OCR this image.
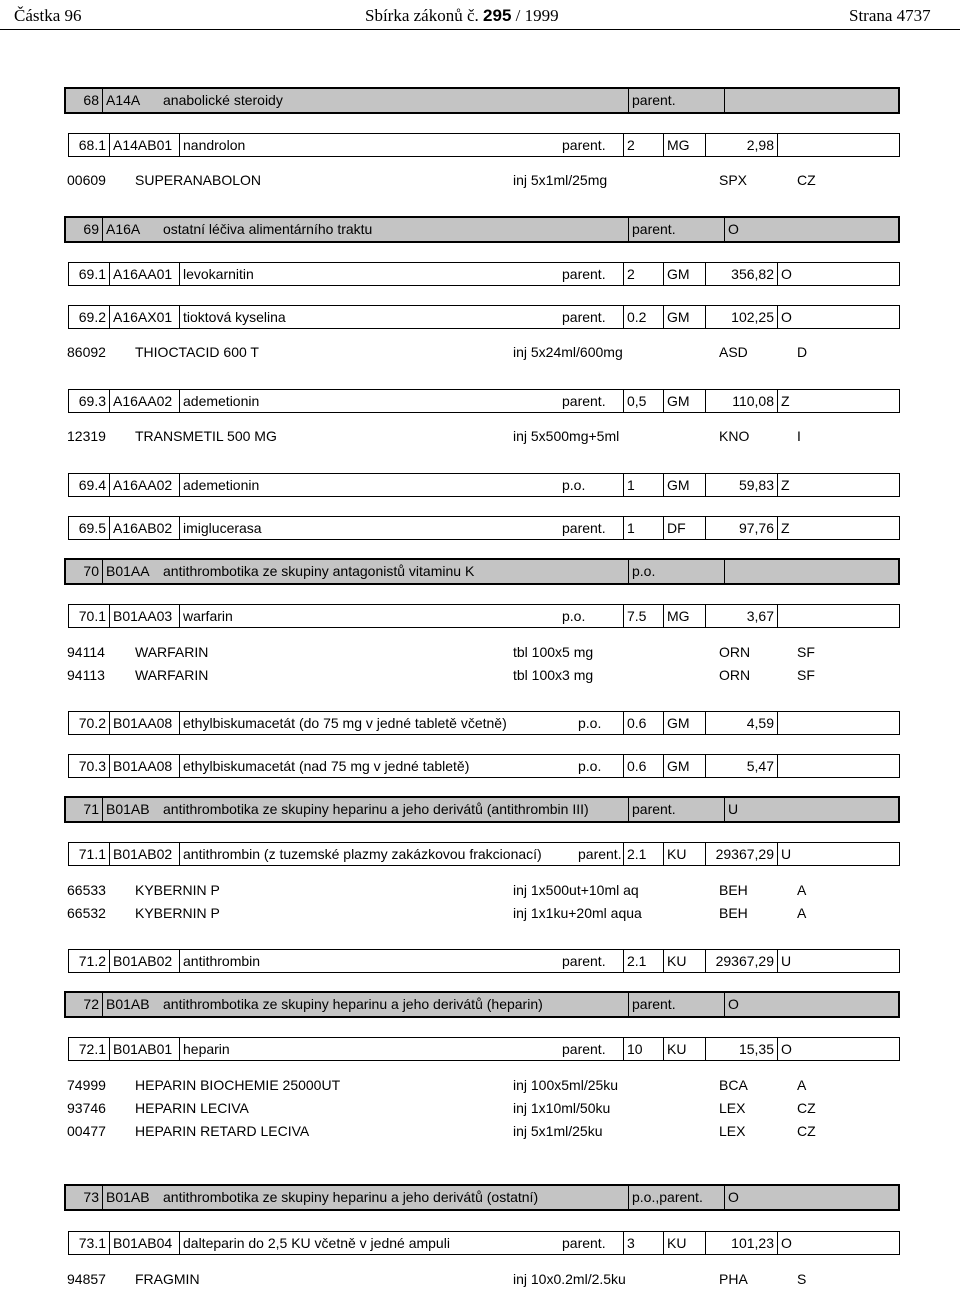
Částka 96	Sbírka zákonů č. 295 / 1999	Strana 4737
68 A14A	anabolické steroidy	parent.
68.1 A14AB01 nandrolon	parent.	2	MG	2,98
00609 SUPERANABOLON	inj 5x1ml/25mg	SPX	CZ
69 A16A	ostatní léčiva alimentárního traktu	parent.	O
69.1 A16AA01 levokarnitin	parent.	2	GM	356,82 O
69.2 A16AX01 tioktová kyselina	parent.	0.2	GM	102,25 O
86092 THIOCTACID 600 T	inj 5x24ml/600mg	ASD	D
69.3 A16AA02 ademetionin	parent.	0,5	GM	110,08 Z
12319 TRANSMETIL 500 MG	inj 5x500mg+5ml	KNO	I
69.4 A16AA02 ademetionin	p.o.	1	GM	59,83 Z
69.5 A16AB02 imiglucerasa	parent.	1	DF	97,76 Z
70 B01AA antithrombotika ze skupiny antagonistů vitaminu K	p.o.
70.1 B01AA03 warfarin	p.o.	7.5	MG	3,67
94114 WARFARIN	tbl 100x5 mg	ORN	SF
94113 WARFARIN	tbl 100x3 mg	ORN	SF
70.2 B01AA08 ethylbiskumacetát (do 75 mg v jedné tabletě včetně)	p.o.	0.6	GM	4,59
70.3 B01AA08 ethylbiskumacetát (nad 75 mg v jedné tabletě)	p.o.	0.6	GM	5,47
71 B01AB antithrombotika ze skupiny heparinu a jeho derivátů (antithrombin III)	parent.	U
71.1 B01AB02 antithrombin (z tuzemské plazmy zakázkovou frakcionací)	parent. 2.1	KU	29367,29 U
66533 KYBERNIN P	inj 1x500ut+10ml aq	BEH	A
66532 KYBERNIN P	inj 1x1ku+20ml aqua	BEH	A
71.2 B01AB02 antithrombin	parent.	2.1	KU	29367,29 U
72 B01AB antithrombotika ze skupiny heparinu a jeho derivátů (heparin)	parent.	O
72.1 B01AB01 heparin	parent.	10	KU	15,35 O
74999 HEPARIN BIOCHEMIE 25000UT	inj 100x5ml/25ku	BCA	A
93746 HEPARIN LECIVA	inj 1x10ml/50ku	LEX	CZ
00477 HEPARIN RETARD LECIVA	inj 5x1ml/25ku	LEX	CZ
73 B01AB antithrombotika ze skupiny heparinu a jeho derivátů (ostatní)	p.o.,parent.	O
73.1 B01AB04 dalteparin do 2,5 KU včetně v jedné ampuli	parent.	3	KU	101,23 O
94857 FRAGMIN	inj 10x0.2ml/2.5ku	PHA	S
